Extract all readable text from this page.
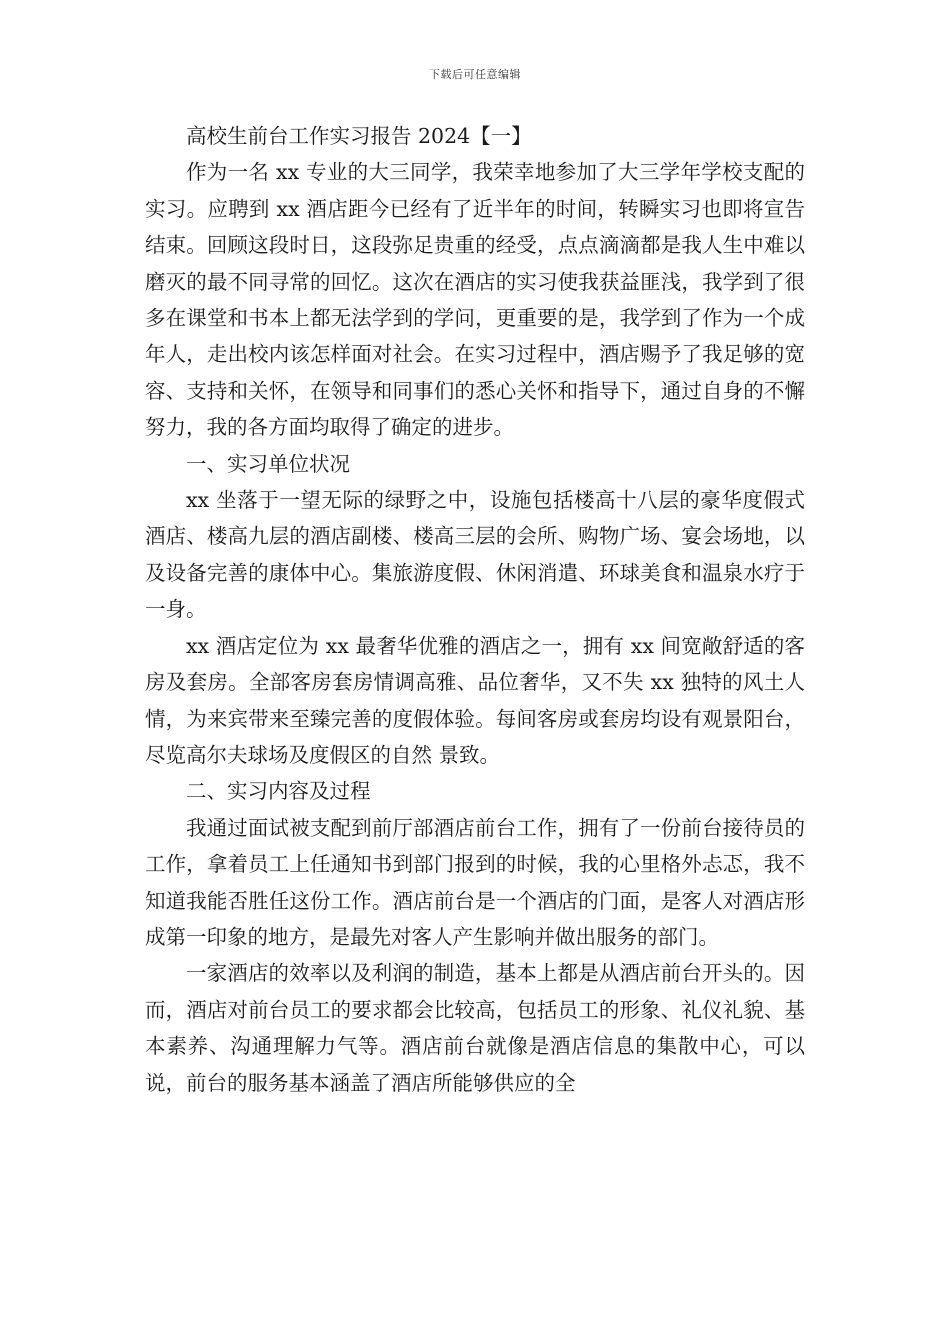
下载后可任意编辑

高校生前台工作实习报告 2024【一】

作为一名 xx 专业的大三同学，我荣幸地参加了大三学年学校支配的实习。应聘到 xx 酒店距今已经有了近半年的时间，转瞬实习也即将宣告结束。回顾这段时日，这段弥足贵重的经受，点点滴滴都是我人生中难以磨灭的最不同寻常的回忆。这次在酒店的实习使我获益匪浅，我学到了很多在课堂和书本上都无法学到的学问，更重要的是，我学到了作为一个成年人，走出校内该怎样面对社会。在实习过程中，酒店赐予了我足够的宽容、支持和关怀，在领导和同事们的悉心关怀和指导下，通过自身的不懈努力，我的各方面均取得了确定的进步。

一、实习单位状况

xx 坐落于一望无际的绿野之中，设施包括楼高十八层的豪华度假式酒店、楼高九层的酒店副楼、楼高三层的会所、购物广场、宴会场地，以及设备完善的康体中心。集旅游度假、休闲消遣、环球美食和温泉水疗于一身。

xx 酒店定位为 xx 最奢华优雅的酒店之一，拥有 xx 间宽敞舒适的客房及套房。全部客房套房情调高雅、品位奢华，又不失 xx 独特的风土人情，为来宾带来至臻完善的度假体验。每间客房或套房均设有观景阳台，尽览高尔夫球场及度假区的自然 景致。

二、实习内容及过程

我通过面试被支配到前厅部酒店前台工作，拥有了一份前台接待员的工作，拿着员工上任通知书到部门报到的时候，我的心里格外忐忑，我不知道我能否胜任这份工作。酒店前台是一个酒店的门面，是客人对酒店形成第一印象的地方，是最先对客人产生影响并做出服务的部门。

一家酒店的效率以及利润的制造，基本上都是从酒店前台开头的。因而，酒店对前台员工的要求都会比较高，包括员工的形象、礼仪礼貌、基本素养、沟通理解力气等。酒店前台就像是酒店信息的集散中心，可以说，前台的服务基本涵盖了酒店所能够供应的全
